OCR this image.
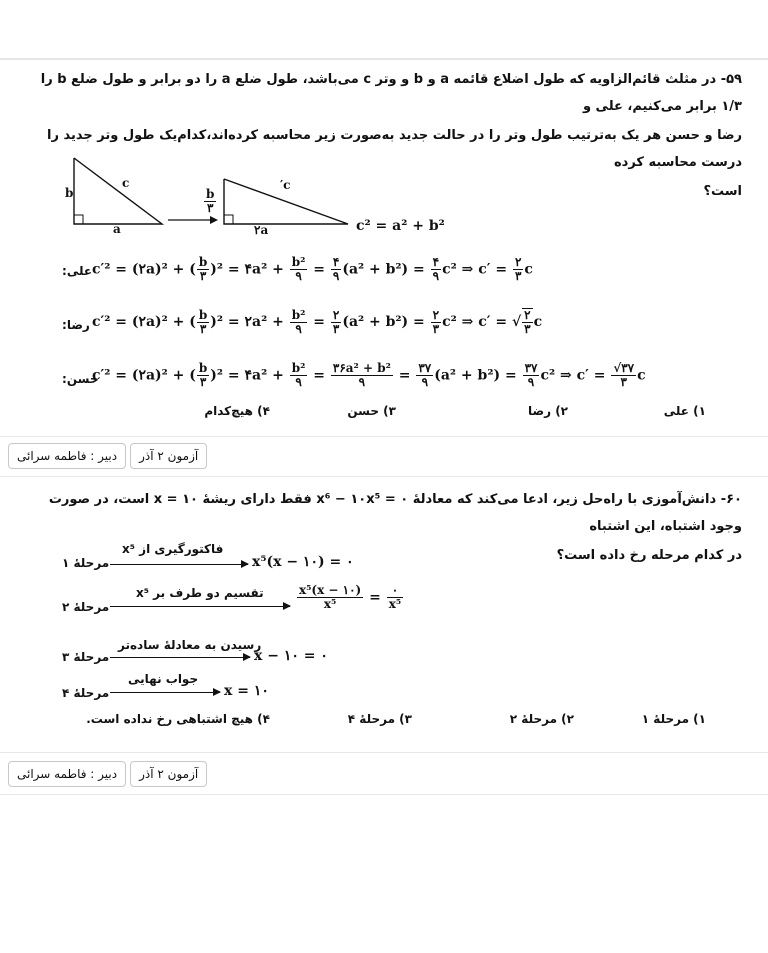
۵۹- در مثلث قائم‌الزاویه که طول اضلاع قائمه a و b و وتر c می‌باشد، طول ضلع a را دو برابر و طول ضلع b را ۱/۳ برابر می‌کنیم، علی و
رضا و حسن هر یک به‌ترتیب طول وتر را در حالت جدید به‌صورت زیر محاسبه کرده‌اند،کدام‌یک طول وتر جدید را درست محاسبه کرده
است؟
b
c
a
b
۳
c′
۲a	c² = a² + b²
علی:	c′² = (۲a)² + ( $\frac{b}{۳} )^2$ = ۴a² + $\frac{\text{b²}}{۹} = \frac{۴}{۹} (a^2 + b^2) = \frac{۴}{۹} c^2$ ⇒ $c' = \frac{۲}{۳}$ c
رضا:	c′² = (۲a)² + ( $\frac{b}{۳} )^2$ = ۲a² + $\frac{\text{b²}}{۹} = \frac{۲}{۳} (a^2 + b^2) = \frac{۲}{۳} c^2$ ⇒ c′ = √ $\frac{۲}{۳}$ c
حسن:	c′² = (۲a)² + ( $\frac{b}{۳} )^2$ = ۴a² + $\frac{\text{b²}}{۹} = \frac{\text{۳۶a² + b²}}{۹} = \frac{۳۷}{۹} (a^2 + b^2) = \frac{۳۷}{۹} c^2$ ⇒ $c' = \frac{√۳۷}{۳}$ c
۱) علی
۲) رضا
۳) حسن
۴) هیچ‌کدام
دبیر : فاطمه سرائی	آزمون ۲ آذر
۶۰- دانش‌آموزی با راه‌حل زیر، ادعا می‌کند که معادلهٔ x⁶ − ۱۰x⁵ = ۰ فقط دارای ریشهٔ x = ۱۰ است، در صورت وجود اشتباه، این اشتباه
در کدام مرحله رخ داده است؟
مرحلهٔ ۱
فاکتورگیری از x⁵
x⁵(x − ۱۰) = ۰
مرحلهٔ ۲
تقسیم دو طرف بر x⁵	$\frac{\text{x⁵(x − ۱۰)}}{\text{x⁵}} = \frac{۰}{\text{x⁵}}$
مرحلهٔ ۳
رسیدن به معادلهٔ ساده‌تر
x − ۱۰ = ۰
مرحلهٔ ۴
جواب نهایی
x = ۱۰
۱) مرحلهٔ ۱
۲) مرحلهٔ ۲
۳) مرحلهٔ ۴
۴) هیچ اشتباهی رخ نداده است.
دبیر : فاطمه سرائی	آزمون ۲ آذر
